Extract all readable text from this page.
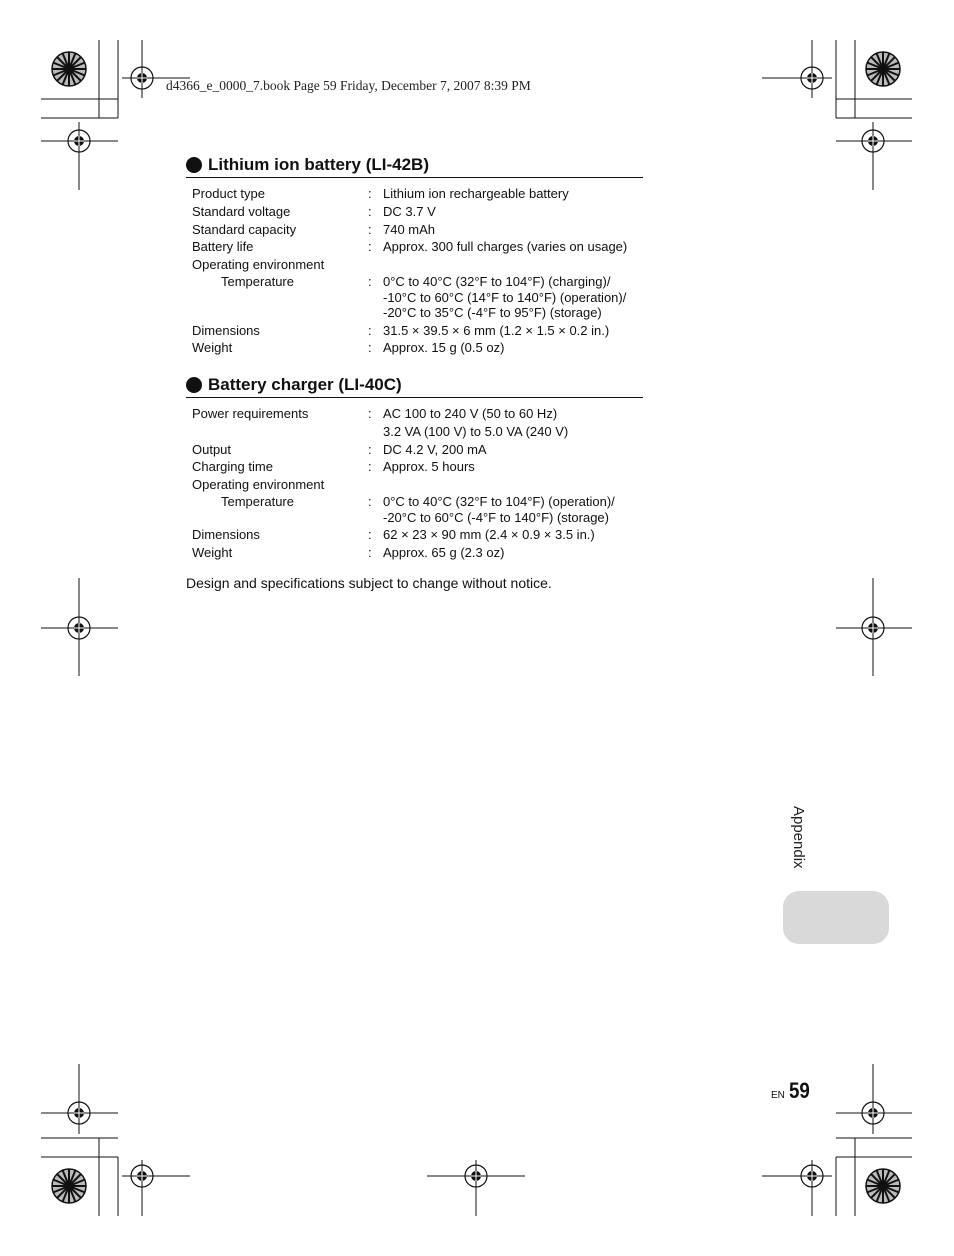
d4366_e_0000_7.book Page 59 Friday, December 7, 2007 8:39 PM
Lithium ion battery (LI-42B)
Product type	: Lithium ion rechargeable battery
Standard voltage	: DC 3.7 V
Standard capacity	: 740 mAh
Battery life	: Approx. 300 full charges (varies on usage)
Operating environment
Temperature	: 0°C to 40°C (32°F to 104°F) (charging)/
-10°C to 60°C (14°F to 140°F) (operation)/
-20°C to 35°C (-4°F to 95°F) (storage)
Dimensions	: 31.5 × 39.5 × 6 mm (1.2 × 1.5 × 0.2 in.)
Weight	: Approx. 15 g (0.5 oz)
Battery charger (LI-40C)
Power requirements	: AC 100 to 240 V (50 to 60 Hz)
3.2 VA (100 V) to 5.0 VA (240 V)
Output	: DC 4.2 V, 200 mA
Charging time	: Approx. 5 hours
Operating environment
Temperature	: 0°C to 40°C (32°F to 104°F) (operation)/
-20°C to 60°C (-4°F to 140°F) (storage)
Dimensions	: 62 × 23 × 90 mm (2.4 × 0.9 × 3.5 in.)
Weight	: Approx. 65 g (2.3 oz)
Design and specifications subject to change without notice.
Appendix
EN 59
